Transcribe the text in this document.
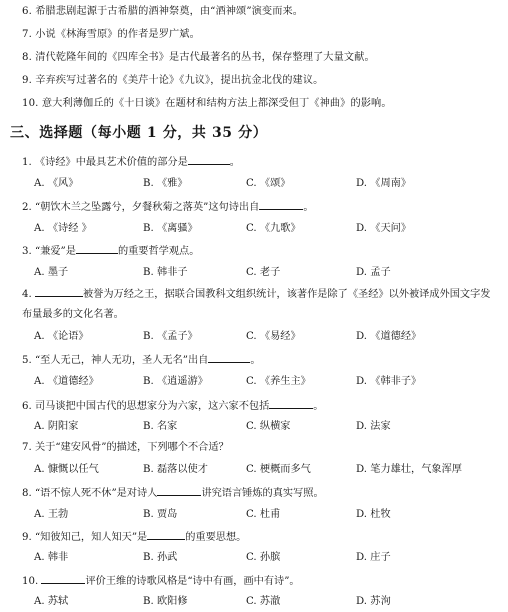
6. 希腊悲剧起源于古希腊的酒神祭奠，由“酒神颂”演变而来。
7. 小说《林海雪原》的作者是罗广斌。
8. 清代乾隆年间的《四库全书》是古代最著名的丛书，保存整理了大量文献。
9. 辛弃疾写过著名的《美芹十论》《九议》，提出抗金北伐的建议。
10. 意大利薄伽丘的《十日谈》在题材和结构方法上都深受但丁《神曲》的影响。
三、选择题（每小题 1 分，共 35 分）
1. 《诗经》中最具艺术价值的部分是	。
A. 《风》	B. 《雅》	C. 《颂》	D. 《周南》
2. “朝饮木兰之坠露兮，夕餐秋菊之落英”这句诗出自	。
A. 《诗经 》	B. 《离骚》	C. 《九歌》	D. 《天问》
3. “兼爱”是	的重要哲学观点。
A. 墨子	B. 韩非子	C. 老子	D. 孟子
4.	被誉为万经之王，据联合国教科文组织统计，该著作是除了《圣经》以外被译成外国文字发布量最多的文化名著。
A. 《论语》	B. 《孟子》	C. 《易经》	D. 《道德经》
5. “至人无己，神人无功，圣人无名”出自	。
A. 《道德经》	B. 《逍遥游》	C. 《养生主》	D. 《韩非子》
6. 司马谈把中国古代的思想家分为六家，这六家不包括	。
A. 阴阳家	B. 名家	C. 纵横家	D. 法家
7. 关于“建安风骨”的描述，下列哪个不合适？
A. 慷慨以任气	B. 磊落以使才	C. 梗概而多气	D. 笔力雄壮，气象浑厚
8. “语不惊人死不休”是对诗人	讲究语言锤炼的真实写照。
A. 王勃	B. 贾岛	C. 杜甫	D. 杜牧
9. “知彼知己，知人知天”是	的重要思想。
A. 韩非	B. 孙武	C. 孙膑	D. 庄子
10.	评价王维的诗歌风格是“诗中有画，画中有诗”。
A. 苏轼	B. 欧阳修	C. 苏澈	D. 苏洵
